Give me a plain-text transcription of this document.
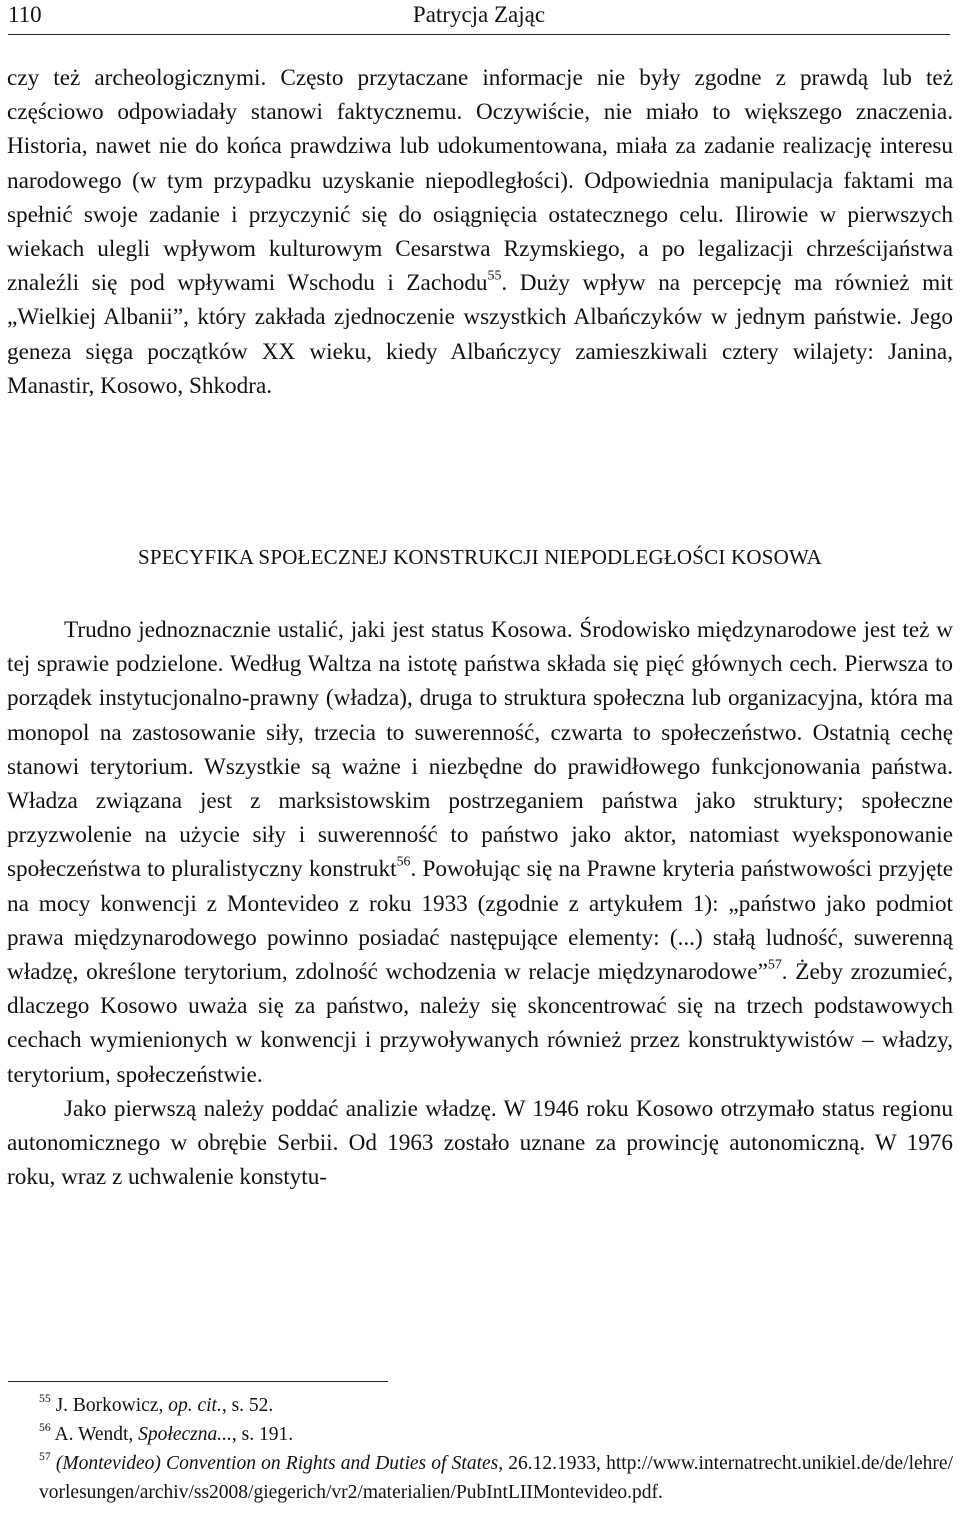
110	Patrycja Zając

czy też archeologicznymi. Często przytaczane informacje nie były zgodne z prawdą lub też częściowo odpowiadały stanowi faktycznemu. Oczywiście, nie miało to większego znaczenia. Historia, nawet nie do końca prawdziwa lub udokumentowana, miała za zadanie realizację interesu narodowego (w tym przypadku uzyskanie niepodległości). Odpowiednia manipulacja faktami ma spełnić swoje zadanie i przyczynić się do osiągnięcia ostatecznego celu. Ilirowie w pierwszych wiekach ulegli wpływom kulturowym Cesarstwa Rzymskiego, a po legalizacji chrześcijaństwa znaleźli się pod wpływami Wschodu i Zachodu$^{55}$. Duży wpływ na percepcję ma również mit „Wielkiej Albanii”, który zakłada zjednoczenie wszystkich Albańczyków w jednym państwie. Jego geneza sięga początków XX wieku, kiedy Albańczycy zamieszkiwali cztery wilajety: Janina, Manastir, Kosowo, Shkodra.

SPECYFIKA SPOŁECZNEJ KONSTRUKCJI NIEPODLEGŁOŚCI KOSOWA

Trudno jednoznacznie ustalić, jaki jest status Kosowa. Środowisko międzynarodowe jest też w tej sprawie podzielone. Według Waltza na istotę państwa składa się pięć głównych cech. Pierwsza to porządek instytucjonalno-prawny (władza), druga to struktura społeczna lub organizacyjna, która ma monopol na zastosowanie siły, trzecia to suwerenność, czwarta to społeczeństwo. Ostatnią cechę stanowi terytorium. Wszystkie są ważne i niezbędne do prawidłowego funkcjonowania państwa. Władza związana jest z marksistowskim postrzeganiem państwa jako struktury; społeczne przyzwolenie na użycie siły i suwerenność to państwo jako aktor, natomiast wyeksponowanie społeczeństwa to pluralistyczny konstrukt$^{56}$. Powołując się na Prawne kryteria państwowości przyjęte na mocy konwencji z Montevideo z roku 1933 (zgodnie z artykułem 1): „państwo jako podmiot prawa międzynarodowego powinno posiadać następujące elementy: (...) stałą ludność, suwerenną władzę, określone terytorium, zdolność wchodzenia w relacje międzynarodowe”$^{57}$. Żeby zrozumieć, dlaczego Kosowo uważa się za państwo, należy się skoncentrować się na trzech podstawowych cechach wymienionych w konwencji i przywoływanych również przez konstruktywistów – władzy, terytorium, społeczeństwie.

Jako pierwszą należy poddać analizie władzę. W 1946 roku Kosowo otrzymało status regionu autonomicznego w obrębie Serbii. Od 1963 zostało uznane za prowincję autonomiczną. W 1976 roku, wraz z uchwalenie konstytu-

$^{55}$ J. Borkowicz, op. cit., s. 52.

$^{56}$ A. Wendt, Społeczna..., s. 191.

$^{57}$ (Montevideo) Convention on Rights and Duties of States, 26.12.1933, http://www.internatrecht.unikiel.de/de/lehre/vorlesungen/archiv/ss2008/giegerich/vr2/materialien/PubIntLIIMontevideo.pdf.
